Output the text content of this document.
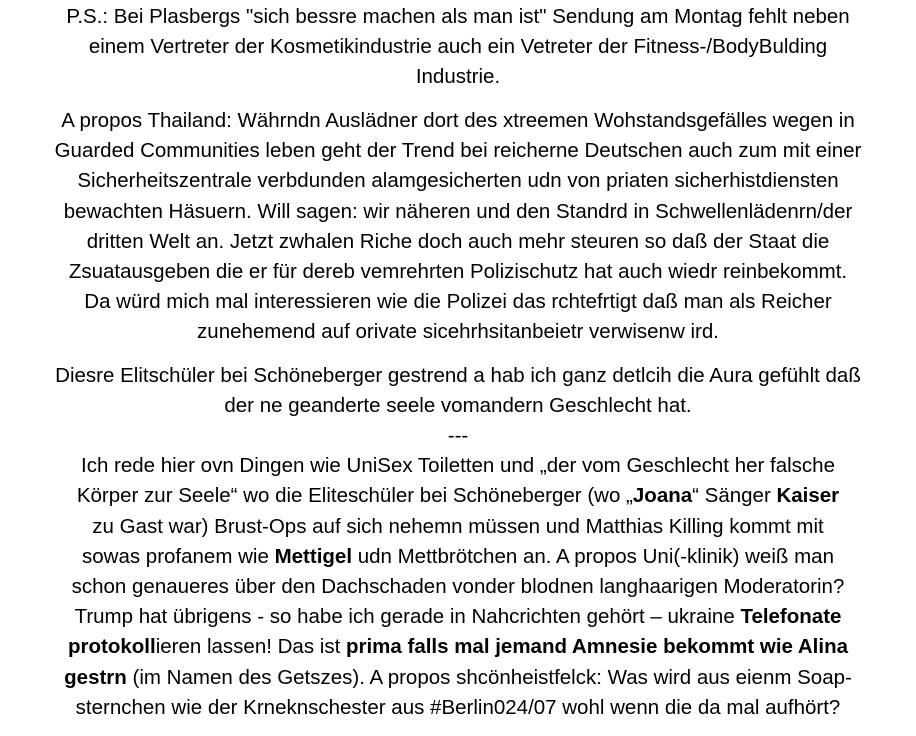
P.S.: Bei Plasbergs "sich bessre machen als man ist" Sendung am Montag fehlt neben
einem Vertreter der Kosmetikindustrie auch ein Vetreter der Fitness-/BodyBulding
Industrie.
A propos Thailand: Währndn Auslädner dort des xtreemen Wohstandsgefälles wegen in
Guarded Communities leben geht der Trend bei reicherne Deutschen auch zum mit einer
Sicherheitszentrale verbdunden alamgesicherten udn von priaten sicherhistdiensten
bewachten Häsuern. Will sagen: wir näheren und den Standrd in Schwellenlädenrn/der
dritten Welt an. Jetzt zwhalen Riche doch auch mehr steuren so daß der Staat die
Zsuatausgeben die er für dereb vemrehrten Polizischutz hat auch wiedr reinbekommt.
Da würd mich mal interessieren wie die Polizei das rchtefrtigt daß man als Reicher
zunehemend auf orivate sicehrhsitanbeietr verwisenw ird.
Diesre Elitschüler bei Schöneberger gestrend a hab ich ganz detlcih die Aura gefühlt daß
der ne geanderte seele vomandern Geschlecht hat.
---
Ich rede hier ovn Dingen wie UniSex Toiletten und „der vom Geschlecht her falsche
Körper zur Seele“ wo die Eliteschüler bei Schöneberger (wo „Joana“ Sänger Kaiser
zu Gast war) Brust-Ops auf sich nehemn müssen und Matthias Killing kommt mit
sowas profanem wie Mettigel udn Mettbrötchen an. A propos Uni(-klinik) weiß man
schon genaueres über den Dachschaden vonder blodnen langhaarigen Moderatorin?
Trump hat übrigens - so habe ich gerade in Nahcrichten gehört – ukraine Telefonate
protokollieren lassen! Das ist prima falls mal jemand Amnesie bekommt wie Alina
gestrn (im Namen des Getszes). A propos shcönheistfelck: Was wird aus eienm Soap-
sternchen wie der Krneknschester aus #Berlin024/07 wohl wenn die da mal aufhört?
